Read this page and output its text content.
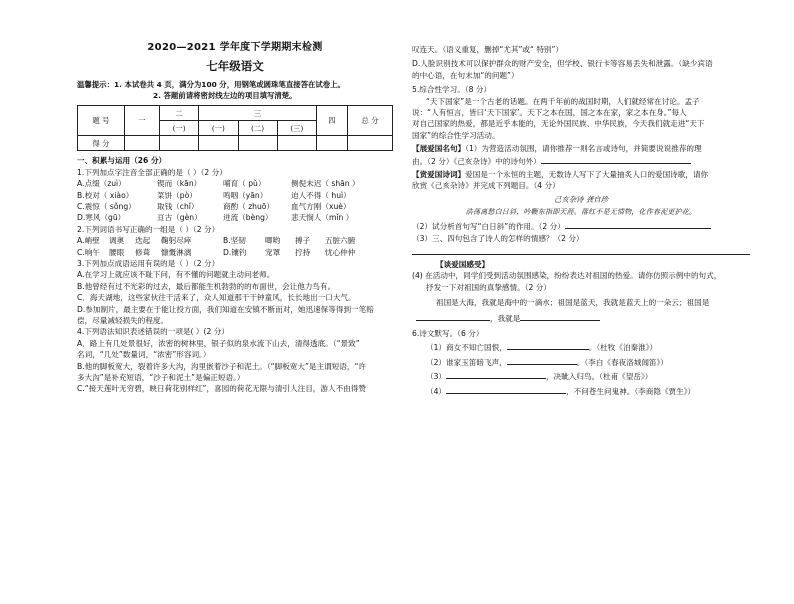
2020—2021 学年度下学期期末检测
七年级语文
温馨提示：1. 本试卷共 4 页，满分为100 分，用钢笔或圆珠笔直接答在试卷上。
2. 答题前请将密封线左边的项目填写清楚。
题 号	一	二	三			四	总 分
		(一)	(一)	(二)	(三)		
得 分							
一、积累与运用（26 分）
1.下列加点字注音全部正确的是（ ）（2 分）
A.点缀（zuì）	锲而（kān）	哺育（ pǔ）	侧倪未迟（ shān ）
B.校对（ xiào）	菜饼（pò）	鸣咽（yān）	迫人不得（ huì）
C.震惊（ sǒng）	取钱（chǐ）	商酌（ zhuō）	血气方刚（xuè）
D.寒风（gū）	亘古（gèn）	迸流（bèng）	悲天悯人（mǐn ）
2.下列词语书写正确的一组是（ ）（2 分）
A.峭壁	调奥	迭起	鞠躬尽瘁	B.坚韧	唧哟	搏子	五脏六腑
C.响午	腰眼	修葺	慷慨淋漓	D.镶钓	宠罩	拧持	忧心仲仲
3.下列加点成语运用有误的是（ ）（2 分）
A.在学习上就应该不耻下问，有不懂的问题就主动问老师。
B.他曾经有过不光彩的过去，最后都能生机勃勃的的布面世，会让他力鸟有。
C．海天湖地，这些家伙往干活来了，众人知道那干干钟童风，长长地出一口大气。
D.参加制片，最主要在于能让投方面，我们知道在安镇不断而对，她迅速保等得到一笔赔
偿，尽量减轻损失的程度。
4.下列语法知识表述错误的一项是( ）(2 分）
A．路上有几处景很好，浓密的树林里，银子似的泉水流下山去，清得透底。（“景致”
名词，“几处”数量词，“浓密”形容词。）
B.他的脚板宽大，裂着许多大沟，沟里嵌着沙子和泥土。（“脚板宽大”是主谓短语，“许
多大沟”是补充短语，“沙子和泥土”是偏正短语。）
C.“接天莲叶无穷碧，映日荷花别样红”，喜园的荷花无限与清引人注目，游人不由得赞
叹连天。（语义重复，删掉“尤其”或“ 特别”）
D.人脸识别技术可以保护群众的财产安全，但学校、银行卡等容易丢失和泄露。（缺少宾语
的中心语，在句末加“的问题”）
5.综合性学习。（8 分）
“天下国家”是一个古老的话题。在两千年前的战国时期，人们就经常在讨论。孟子
说：“人有恒言，皆曰‘天下国家’。天下之本在国，国之本在家，家之本在身。”每人
对自己国家的热爱，都是近乎本能的，无论外国民族、中华民族，今天我们就走进“天下
国家”的综合性学习活动。
【展爱国名句】（1）为营造活动氛围，请你推荐一则名言或诗句，并简要说说推荐的理
由。（2 分）《己亥杂诗》中的诗句外）
【赏爱国诗词】爱国是一个永恒的主题，无数诗人写下了大量抽炙人口的爱国诗歌，请你
欣赏《己亥杂诗》并完成下列题目。（4 分）
己亥杂诗 龚自珍
浩荡离愁白日斜，吟鞭东指即天涯。落红不是无情物，化作春泥更护花。
（2）试分析首句写“白日斜”的作用。（2 分）
（3）三、四句包含了诗人的怎样的情感？（2 分）
【谈爱国感受】
(4) 在活动中，同学们受到活动氛围感染，纷纷表达对祖国的热爱。请你仿照示例中的句式，
抒发一下对祖国的真挚感情。（2 分）
祖国是大海，我就是海中的一滴水；祖国是蓝天，我就是蓝天上的一朵云；祖国是
，我就是
6.诗文默写。（6 分）
（1）商女不知亡国恨，	。（杜牧《泊秦淮》）
（2）谁家玉笛暗飞声，	。（李白《春夜洛城闻笛》）
（3）	，决眦入归鸟。（杜甫《望岳》）
（4）	，不问苍生问鬼神。（李商隐《贾生》）
